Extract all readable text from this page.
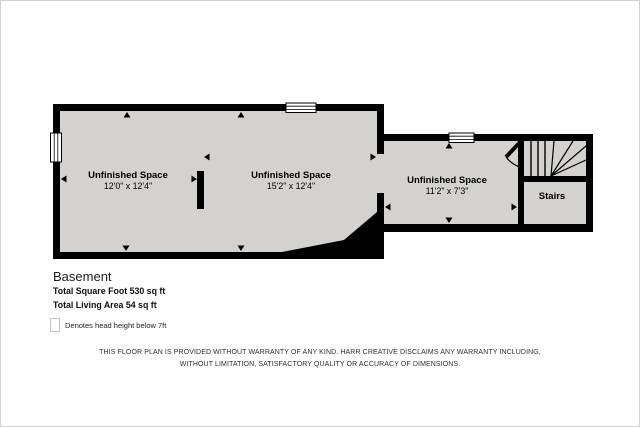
Unfinished Space
12'0" x 12'4"
Unfinished Space
15'2" x 12'4"	Unfinished Space
11'2" x 7'3"	Stairs
Basement
Total Square Foot 530 sq ft
Total Living Area 54 sq ft
Denotes head height below 7ft
THIS FLOOR PLAN IS PROVIDED WITHOUT WARRANTY OF ANY KIND. HARR CREATIVE DISCLAIMS ANY WARRANTY INCLUDING,
WITHOUT LIMITATION, SATISFACTORY QUALITY OR ACCURACY OF DIMENSIONS.
